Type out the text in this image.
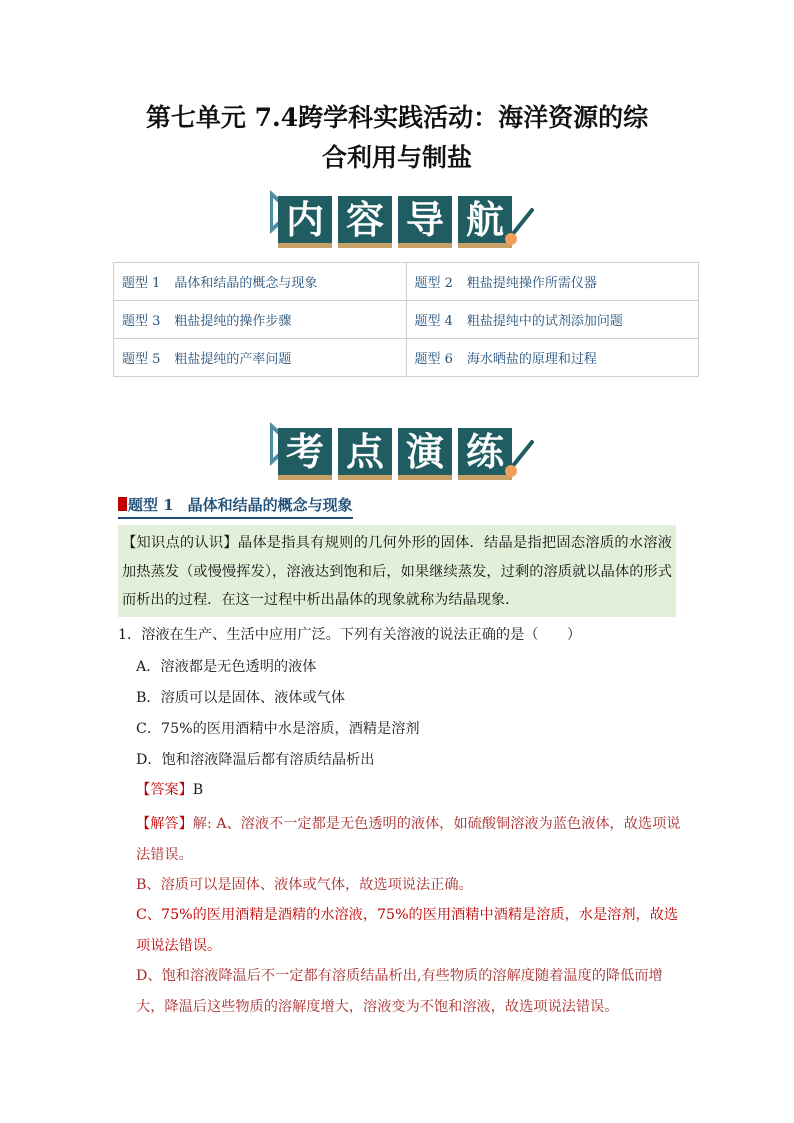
第七单元 7.4跨学科实践活动：海洋资源的综
合利用与制盐
内 容 导 航
题型 1 晶体和结晶的概念与现象	题型 2 粗盐提纯操作所需仪器
题型 3 粗盐提纯的操作步骤	题型 4 粗盐提纯中的试剂添加问题
题型 5 粗盐提纯的产率问题	题型 6 海水晒盐的原理和过程
考 点 演 练
题型 1 晶体和结晶的概念与现象
【知识点的认识】晶体是指具有规则的几何外形的固体．结晶是指把固态溶质的水溶液加热蒸发（或慢慢挥发），溶液达到饱和后，如果继续蒸发，过剩的溶质就以晶体的形式而析出的过程．在这一过程中析出晶体的现象就称为结晶现象．
1．溶液在生产、生活中应用广泛。下列有关溶液的说法正确的是（　　）
A．溶液都是无色透明的液体
B．溶质可以是固体、液体或气体
C．75%的医用酒精中水是溶质，酒精是溶剂
D．饱和溶液降温后都有溶质结晶析出
【答案】B
【解答】解: A、溶液不一定都是无色透明的液体，如硫酸铜溶液为蓝色液体，故选项说法错误。
B、溶质可以是固体、液体或气体，故选项说法正确。
C、75%的医用酒精是酒精的水溶液，75%的医用酒精中酒精是溶质，水是溶剂，故选项说法错误。
D、饱和溶液降温后不一定都有溶质结晶析出,有些物质的溶解度随着温度的降低而增大，降温后这些物质的溶解度增大，溶液变为不饱和溶液，故选项说法错误。
